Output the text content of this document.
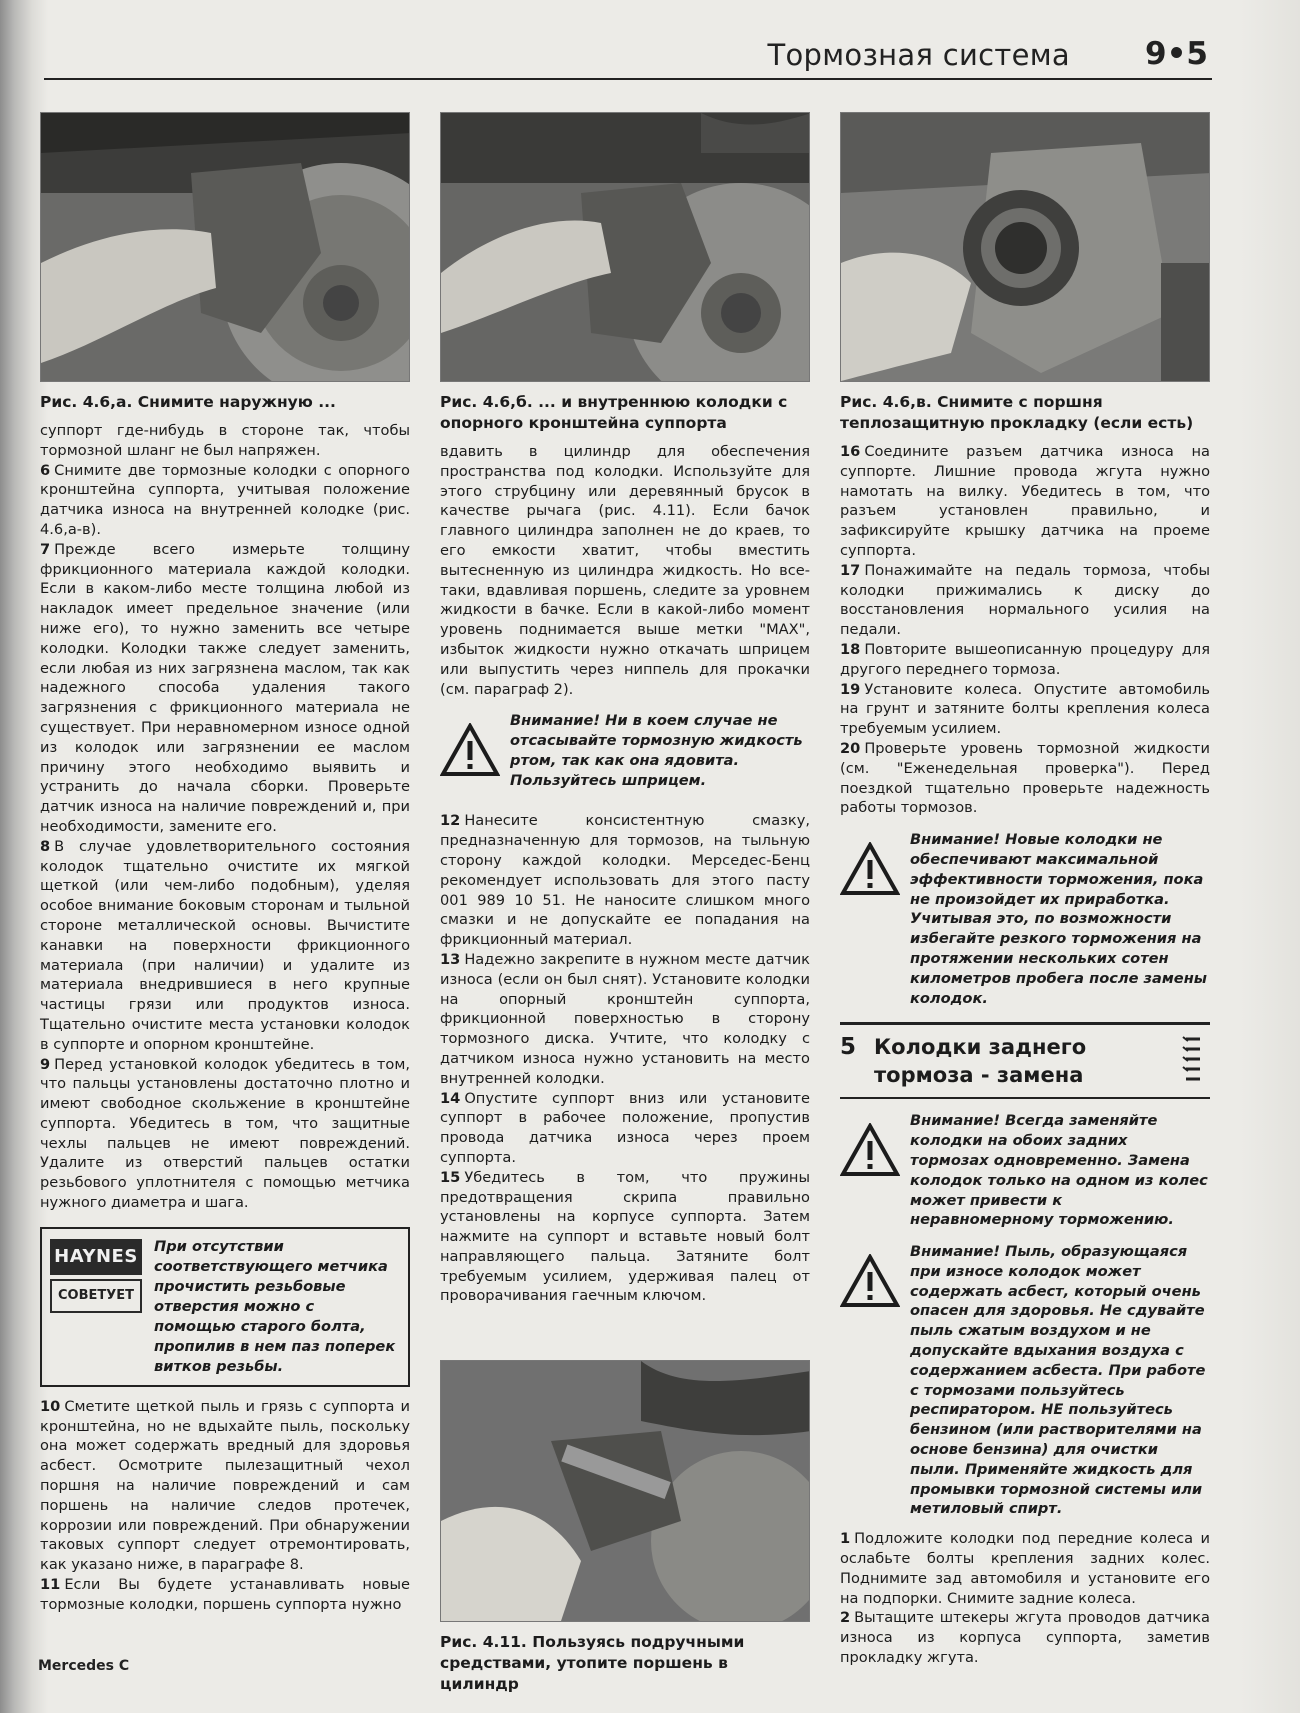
Тормозная система 9•5
Рис. 4.6,а. Снимите наружную ...

суппорт где-нибудь в стороне так, чтобы тормозной шланг не был напряжен.

6 Снимите две тормозные колодки с опорного кронштейна суппорта, учитывая положение датчика износа на внутренней колодке (рис. 4.6,а-в).

7 Прежде всего измерьте толщину фрикционного материала каждой колодки. Если в каком-либо месте толщина любой из накладок имеет предельное значение (или ниже его), то нужно заменить все четыре колодки. Колодки также следует заменить, если любая из них загрязнена маслом, так как надежного способа удаления такого загрязнения с фрикционного материала не существует. При неравномерном износе одной из колодок или загрязнении ее маслом причину этого необходимо выявить и устранить до начала сборки. Проверьте датчик износа на наличие повреждений и, при необходимости, замените его.

8 В случае удовлетворительного состояния колодок тщательно очистите их мягкой щеткой (или чем-либо подобным), уделяя особое внимание боковым сторонам и тыльной стороне металлической основы. Вычистите канавки на поверхности фрикционного материала (при наличии) и удалите из материала внедрившиеся в него крупные частицы грязи или продуктов износа. Тщательно очистите места установки колодок в суппорте и опорном кронштейне.

9 Перед установкой колодок убедитесь в том, что пальцы установлены достаточно плотно и имеют свободное скольжение в кронштейне суппорта. Убедитесь в том, что защитные чехлы пальцев не имеют повреждений. Удалите из отверстий пальцев остатки резьбового уплотнителя с помощью метчика нужного диаметра и шага.

HAYNES
СОВЕТУЕТ
При отсутствии соответствующего метчика прочистить резьбовые отверстия можно с помощью старого болта, пропилив в нем паз поперек витков резьбы.

10 Сметите щеткой пыль и грязь с суппорта и кронштейна, но не вдыхайте пыль, поскольку она может содержать вредный для здоровья асбест. Осмотрите пылезащитный чехол поршня на наличие повреждений и сам поршень на наличие следов протечек, коррозии или повреждений. При обнаружении таковых суппорт следует отремонтировать, как указано ниже, в параграфе 8.

11 Если Вы будете устанавливать новые тормозные колодки, поршень суппорта нужно

Рис. 4.6,б. ... и внутреннюю колодки с опорного кронштейна суппорта

вдавить в цилиндр для обеспечения пространства под колодки. Используйте для этого струбцину или деревянный брусок в качестве рычага (рис. 4.11). Если бачок главного цилиндра заполнен не до краев, то его емкости хватит, чтобы вместить вытесненную из цилиндра жидкость. Но все-таки, вдавливая поршень, следите за уровнем жидкости в бачке. Если в какой-либо момент уровень поднимается выше метки "MAX", избыток жидкости нужно откачать шприцем или выпустить через ниппель для прокачки (см. параграф 2).

Внимание! Ни в коем случае не отсасывайте тормозную жидкость ртом, так как она ядовита. Пользуйтесь шприцем.

12 Нанесите консистентную смазку, предназначенную для тормозов, на тыльную сторону каждой колодки. Мерседес-Бенц рекомендует использовать для этого пасту 001 989 10 51. Не наносите слишком много смазки и не допускайте ее попадания на фрикционный материал.

13 Надежно закрепите в нужном месте датчик износа (если он был снят). Установите колодки на опорный кронштейн суппорта, фрикционной поверхностью в сторону тормозного диска. Учтите, что колодку с датчиком износа нужно установить на место внутренней колодки.

14 Опустите суппорт вниз или установите суппорт в рабочее положение, пропустив провода датчика износа через проем суппорта.

15 Убедитесь в том, что пружины предотвращения скрипа правильно установлены на корпусе суппорта. Затем нажмите на суппорт и вставьте новый болт направляющего пальца. Затяните болт требуемым усилием, удерживая палец от проворачивания гаечным ключом.

Рис. 4.11. Пользуясь подручными средствами, утопите поршень в цилиндр
Рис. 4.6,в. Снимите с поршня теплозащитную прокладку (если есть)

16 Соедините разъем датчика износа на суппорте. Лишние провода жгута нужно намотать на вилку. Убедитесь в том, что разъем установлен правильно, и зафиксируйте крышку датчика на проеме суппорта.

17 Понажимайте на педаль тормоза, чтобы колодки прижимались к диску до восстановления нормального усилия на педали.

18 Повторите вышеописанную процедуру для другого переднего тормоза.

19 Установите колеса. Опустите автомобиль на грунт и затяните болты крепления колеса требуемым усилием.

20 Проверьте уровень тормозной жидкости (см. "Еженедельная проверка"). Перед поездкой тщательно проверьте надежность работы тормозов.

Внимание! Новые колодки не обеспечивают максимальной эффективности торможения, пока не произойдет их приработка. Учитывая это, по возможности избегайте резкого торможения на протяжении нескольких сотен километров пробега после замены колодок.
5 Колодки заднего тормоза - замена
Внимание! Всегда заменяйте колодки на обоих задних тормозах одновременно. Замена колодок только на одном из колес может привести к неравномерному торможению.
Внимание! Пыль, образующаяся при износе колодок может содержать асбест, который очень опасен для здоровья. Не сдувайте пыль сжатым воздухом и не допускайте вдыхания воздуха с содержанием асбеста. При работе с тормозами пользуйтесь респиратором. НЕ пользуйтесь бензином (или растворителями на основе бензина) для очистки пыли. Применяйте жидкость для промывки тормозной системы или метиловый спирт.

1 Подложите колодки под передние колеса и ослабьте болты крепления задних колес. Поднимите зад автомобиля и установите его на подпорки. Снимите задние колеса.

2 Вытащите штекеры жгута проводов датчика износа из корпуса суппорта, заметив прокладку жгута.

Mercedes C
